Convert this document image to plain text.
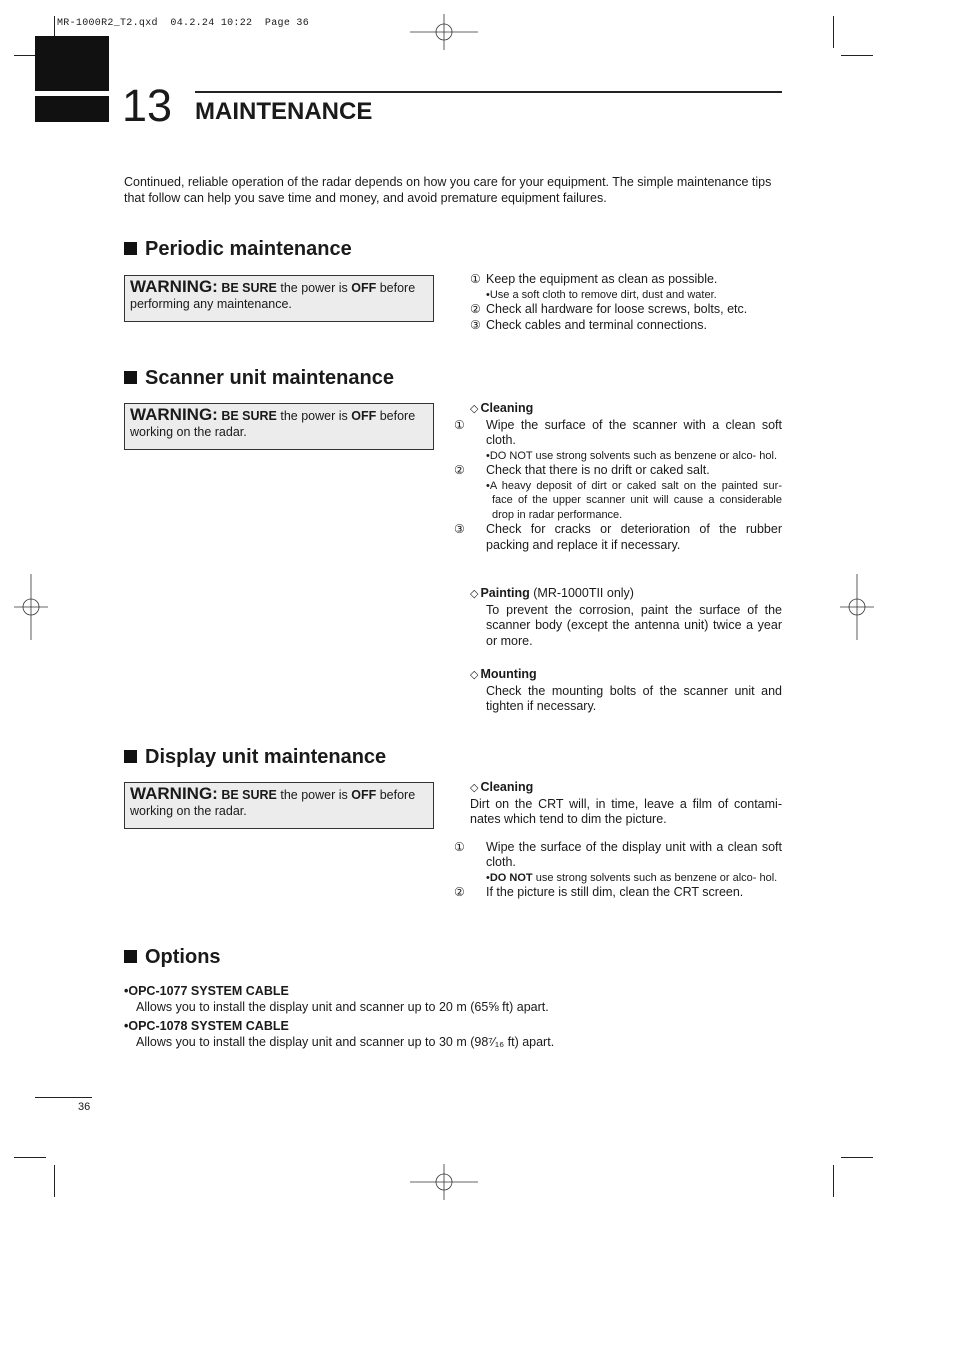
MR-1000R2_T2.qxd  04.2.24 10:22  Page 36
13 MAINTENANCE
Continued, reliable operation of the radar depends on how you care for your equipment. The simple maintenance tips that follow can help you save time and money, and avoid premature equipment failures.
Periodic maintenance
WARNING: BE SURE the power is OFF before
performing any maintenance.
① Keep the equipment as clean as possible.
•Use a soft cloth to remove dirt, dust and water.
② Check all hardware for loose screws, bolts, etc.
③ Check cables and terminal connections.
Scanner unit maintenance
WARNING: BE SURE the power is OFF before
working on the radar.
◇ Cleaning
① Wipe the surface of the scanner with a clean soft cloth.
•DO NOT use strong solvents such as benzene or alco- hol.
② Check that there is no drift or caked salt.
•A heavy deposit of dirt or caked salt on the painted sur- face of the upper scanner unit will cause a considerable drop in radar performance.
③ Check for cracks or deterioration of the rubber packing and replace it if necessary.
◇ Painting (MR-1000TII only)
To prevent the corrosion, paint the surface of the scanner body (except the antenna unit) twice a year or more.
◇ Mounting
Check the mounting bolts of the scanner unit and tighten if necessary.
Display unit maintenance
WARNING: BE SURE the power is OFF before
working on the radar.
◇ Cleaning
Dirt on the CRT will, in time, leave a film of contami- nates which tend to dim the picture.
① Wipe the surface of the display unit with a clean soft cloth.
•DO NOT use strong solvents such as benzene or alco- hol.
② If the picture is still dim, clean the CRT screen.
Options
•OPC-1077 SYSTEM CABLE
Allows you to install the display unit and scanner up to 20 m (65⅝ ft) apart.
•OPC-1078 SYSTEM CABLE
Allows you to install the display unit and scanner up to 30 m (98⁷⁄₁₆ ft) apart.
36
